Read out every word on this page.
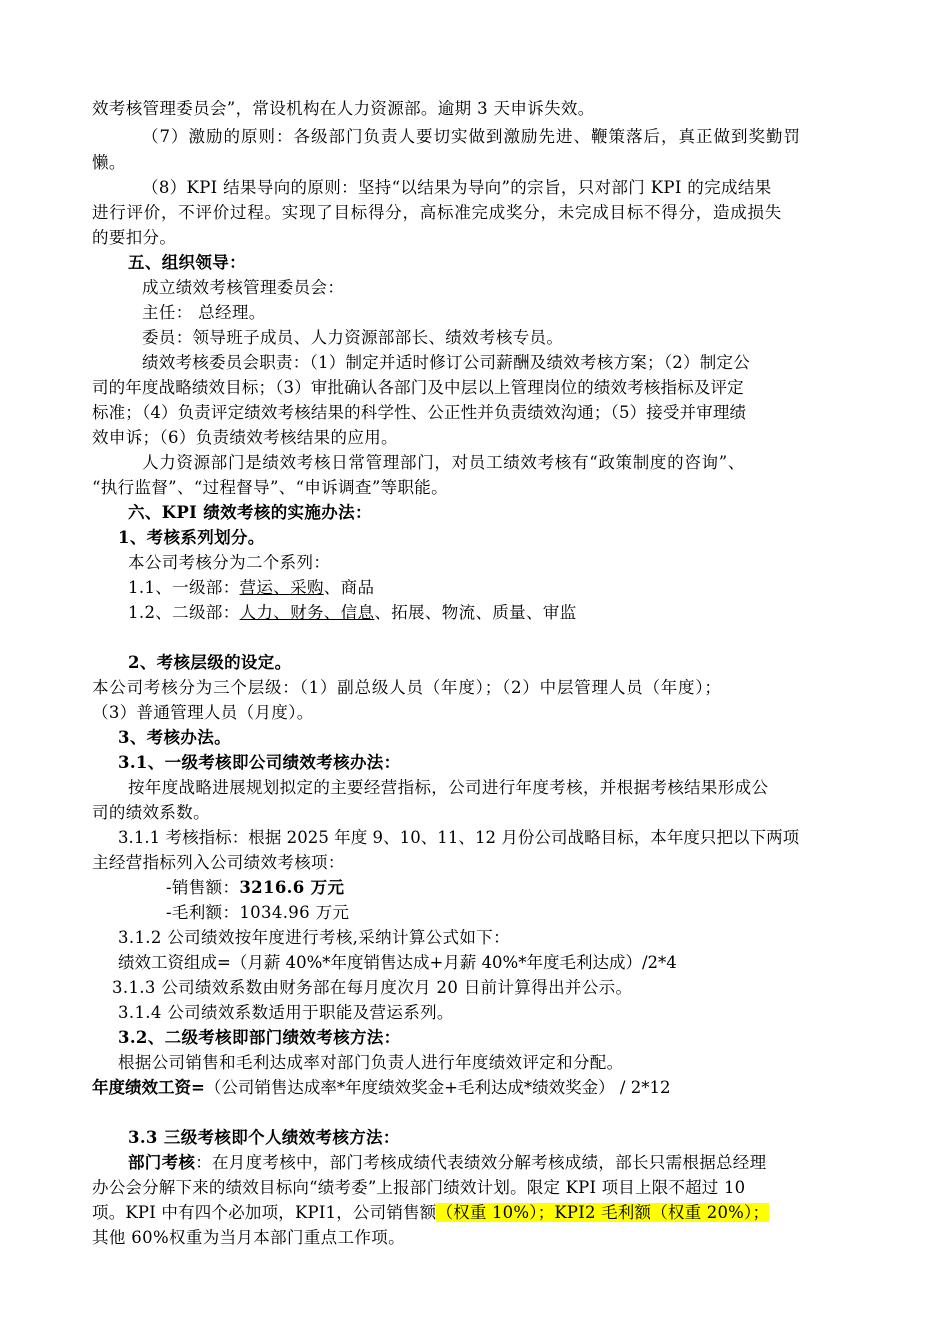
效考核管理委员会”，常设机构在人力资源部。逾期 3 天申诉失效。
（7）激励的原则：各级部门负责人要切实做到激励先进、鞭策落后，真正做到奖勤罚
懒。
（8）KPI 结果导向的原则：坚持“以结果为导向”的宗旨，只对部门 KPI 的完成结果
进行评价，不评价过程。实现了目标得分，高标准完成奖分，未完成目标不得分，造成损失
的要扣分。
五、组织领导：
成立绩效考核管理委员会：
主任： 总经理。
委员：领导班子成员、人力资源部部长、绩效考核专员。
绩效考核委员会职责：（1）制定并适时修订公司薪酬及绩效考核方案；（2）制定公
司的年度战略绩效目标；（3）审批确认各部门及中层以上管理岗位的绩效考核指标及评定
标准；（4）负责评定绩效考核结果的科学性、公正性并负责绩效沟通；（5）接受并审理绩
效申诉；（6）负责绩效考核结果的应用。
人力资源部门是绩效考核日常管理部门，对员工绩效考核有“政策制度的咨询”、
“执行监督”、“过程督导”、“申诉调查”等职能。
六、KPI 绩效考核的实施办法：
1、考核系列划分。
本公司考核分为二个系列：
1.1、一级部：营运、采购、商品
1.2、二级部：人力、财务、信息、拓展、物流、质量、审监
2、考核层级的设定。
本公司考核分为三个层级：（1）副总级人员（年度）；（2）中层管理人员（年度）；
（3）普通管理人员（月度）。
3、考核办法。
3.1、一级考核即公司绩效考核办法：
按年度战略进展规划拟定的主要经营指标，公司进行年度考核，并根据考核结果形成公
司的绩效系数。
3.1.1 考核指标：根据 2025 年度 9、10、11、12 月份公司战略目标，本年度只把以下两项
主经营指标列入公司绩效考核项：
-销售额：3216.6 万元
-毛利额：1034.96 万元
3.1.2 公司绩效按年度进行考核,采纳计算公式如下：
绩效工资组成=（月薪 40%*年度销售达成+月薪 40%*年度毛利达成）/2*4
3.1.3 公司绩效系数由财务部在每月度次月 20 日前计算得出并公示。
3.1.4 公司绩效系数适用于职能及营运系列。
3.2、二级考核即部门绩效考核方法：
根据公司销售和毛利达成率对部门负责人进行年度绩效评定和分配。
年度绩效工资=（公司销售达成率*年度绩效奖金+毛利达成*绩效奖金） / 2*12
3.3 三级考核即个人绩效考核方法：
部门考核：在月度考核中，部门考核成绩代表绩效分解考核成绩，部长只需根据总经理
办公会分解下来的绩效目标向“绩考委”上报部门绩效计划。限定 KPI 项目上限不超过 10
项。KPI 中有四个必加项，KPI1，公司销售额（权重 10%）；KPI2 毛利额（权重 20%）；
其他 60%权重为当月本部门重点工作项。
